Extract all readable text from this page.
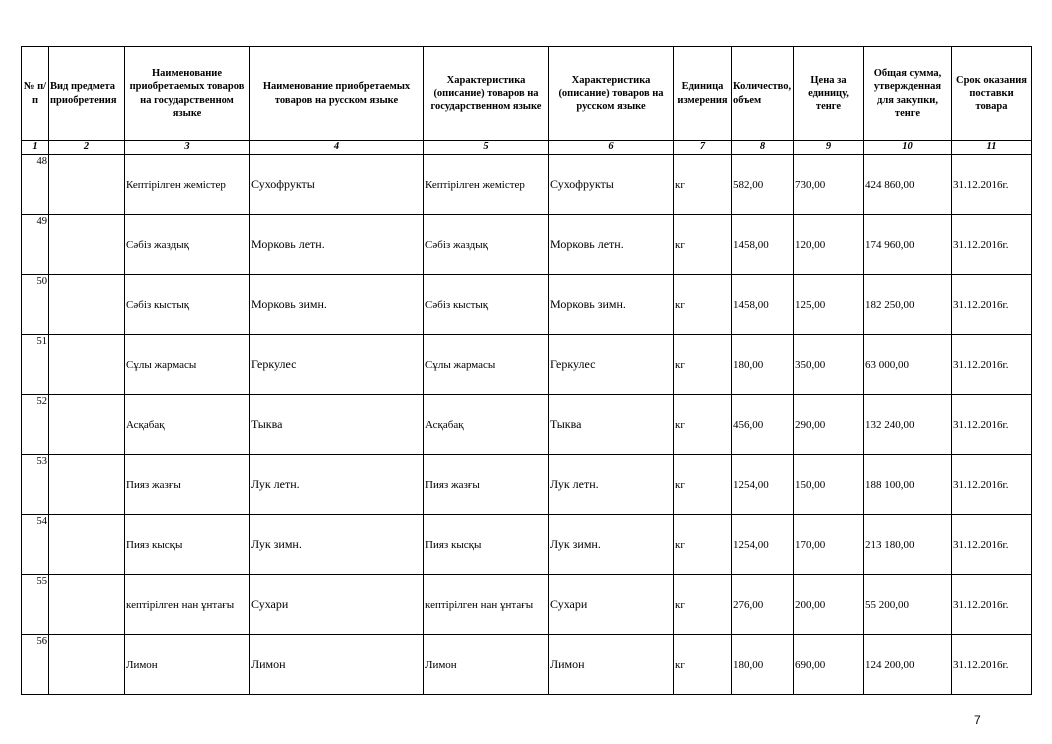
№ п/п	Вид предмета приобретения	Наименование приобретаемых товаров на государственном языке	Наименование приобретаемых товаров на русском языке	Характеристика (описание) товаров на государственном языке	Характеристика (описание) товаров на русском языке	Единица измерения	Количество, объем	Цена за единицу, тенге	Общая сумма, утвержденная для закупки, тенге	Срок оказания поставки товара
1	2	3	4	5	6	7	8	9	10	11
48		Кептірілген жемістер	Сухофрукты	Кептірілген жемістер	Сухофрукты	кг	582,00	730,00	424 860,00	31.12.2016г.
49		Сәбіз жаздық	Морковь летн.	Сәбіз жаздық	Морковь летн.	кг	1458,00	120,00	174 960,00	31.12.2016г.
50		Сәбіз кыстық	Морковь зимн.	Сәбіз кыстық	Морковь зимн.	кг	1458,00	125,00	182 250,00	31.12.2016г.
51		Сұлы жармасы	Геркулес	Сұлы жармасы	Геркулес	кг	180,00	350,00	63 000,00	31.12.2016г.
52		Асқабақ	Тыква	Асқабақ	Тыква	кг	456,00	290,00	132 240,00	31.12.2016г.
53		Пияз жазғы	Лук летн.	Пияз жазғы	Лук летн.	кг	1254,00	150,00	188 100,00	31.12.2016г.
54		Пияз кысқы	Лук зимн.	Пияз кысқы	Лук зимн.	кг	1254,00	170,00	213 180,00	31.12.2016г.
55		кептірілген нан ұнтағы	Сухари	кептірілген нан ұнтағы	Сухари	кг	276,00	200,00	55 200,00	31.12.2016г.
56		Лимон	Лимон	Лимон	Лимон	кг	180,00	690,00	124 200,00	31.12.2016г.
7
